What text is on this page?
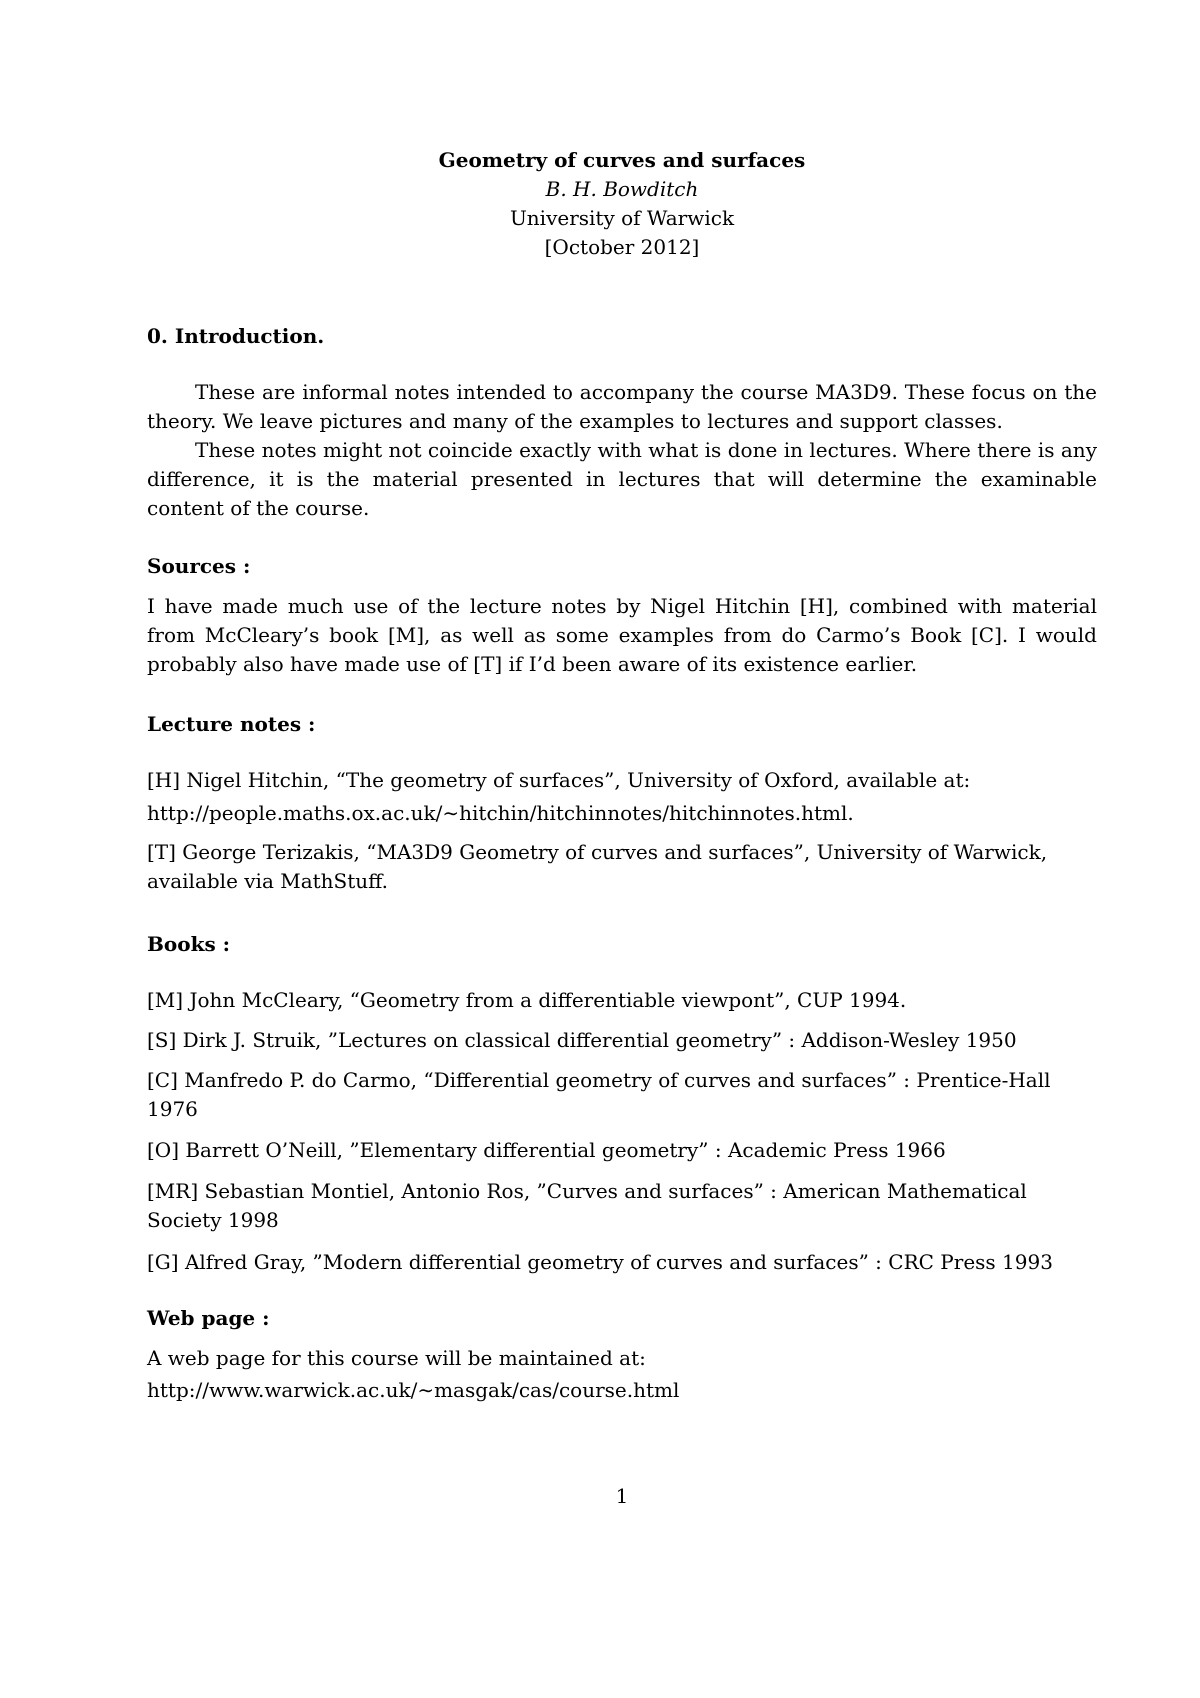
Geometry of curves and surfaces
B. H. Bowditch
University of Warwick
[October 2012]
0. Introduction.
These are informal notes intended to accompany the course MA3D9. These focus on the theory. We leave pictures and many of the examples to lectures and support classes.
These notes might not coincide exactly with what is done in lectures. Where there is any difference, it is the material presented in lectures that will determine the examinable content of the course.
Sources :
I have made much use of the lecture notes by Nigel Hitchin [H], combined with material from McCleary’s book [M], as well as some examples from do Carmo’s Book [C]. I would probably also have made use of [T] if I’d been aware of its existence earlier.
Lecture notes :
[H] Nigel Hitchin, “The geometry of surfaces”, University of Oxford, available at:
http://people.maths.ox.ac.uk/∼hitchin/hitchinnotes/hitchinnotes.html.
[T] George Terizakis, “MA3D9 Geometry of curves and surfaces”, University of Warwick, available via MathStuff.
Books :
[M] John McCleary, “Geometry from a differentiable viewpont”, CUP 1994.
[S] Dirk J. Struik, ”Lectures on classical differential geometry” : Addison-Wesley 1950
[C] Manfredo P. do Carmo, “Differential geometry of curves and surfaces” : Prentice-Hall 1976
[O] Barrett O’Neill, ”Elementary differential geometry” : Academic Press 1966
[MR] Sebastian Montiel, Antonio Ros, ”Curves and surfaces” : American Mathematical Society 1998
[G] Alfred Gray, ”Modern differential geometry of curves and surfaces” : CRC Press 1993
Web page :
A web page for this course will be maintained at:
http://www.warwick.ac.uk/∼masgak/cas/course.html
1
